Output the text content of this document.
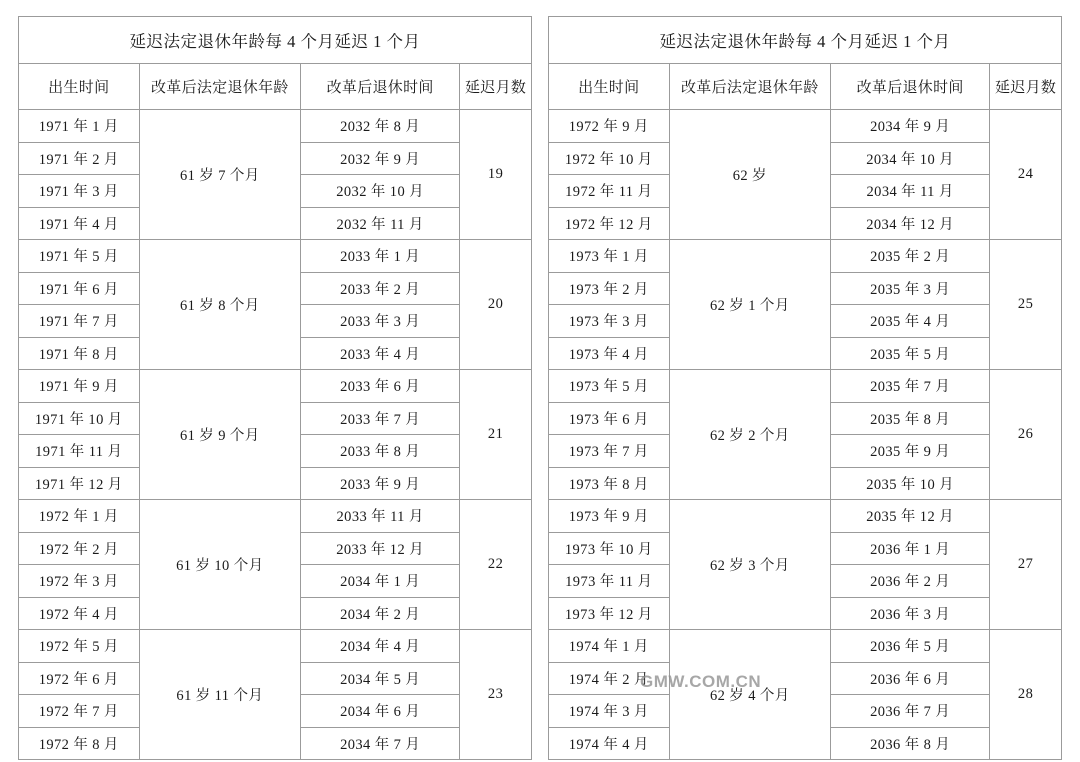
延迟法定退休年龄每 4 个月延迟 1 个月			
出生时间	改革后法定退休年龄	改革后退休时间	延迟月数
1971 年 1 月	61 岁 7 个月	2032 年 8 月	19
1971 年 2 月		2032 年 9 月	
1971 年 3 月		2032 年 10 月	
1971 年 4 月		2032 年 11 月	
1971 年 5 月	61 岁 8 个月	2033 年 1 月	20
1971 年 6 月		2033 年 2 月	
1971 年 7 月		2033 年 3 月	
1971 年 8 月		2033 年 4 月	
1971 年 9 月	61 岁 9 个月	2033 年 6 月	21
1971 年 10 月		2033 年 7 月	
1971 年 11 月		2033 年 8 月	
1971 年 12 月		2033 年 9 月	
1972 年 1 月	61 岁 10 个月	2033 年 11 月	22
1972 年 2 月		2033 年 12 月	
1972 年 3 月		2034 年 1 月	
1972 年 4 月		2034 年 2 月	
1972 年 5 月	61 岁 11 个月	2034 年 4 月	23
1972 年 6 月		2034 年 5 月	
1972 年 7 月		2034 年 6 月	
1972 年 8 月		2034 年 7 月	
延迟法定退休年龄每 4 个月延迟 1 个月			
出生时间	改革后法定退休年龄	改革后退休时间	延迟月数
1972 年 9 月	62 岁	2034 年 9 月	24
1972 年 10 月		2034 年 10 月	
1972 年 11 月		2034 年 11 月	
1972 年 12 月		2034 年 12 月	
1973 年 1 月	62 岁 1 个月	2035 年 2 月	25
1973 年 2 月		2035 年 3 月	
1973 年 3 月		2035 年 4 月	
1973 年 4 月		2035 年 5 月	
1973 年 5 月	62 岁 2 个月	2035 年 7 月	26
1973 年 6 月		2035 年 8 月	
1973 年 7 月		2035 年 9 月	
1973 年 8 月		2035 年 10 月	
1973 年 9 月	62 岁 3 个月	2035 年 12 月	27
1973 年 10 月		2036 年 1 月	
1973 年 11 月		2036 年 2 月	
1973 年 12 月		2036 年 3 月	
1974 年 1 月	62 岁 4 个月	2036 年 5 月	28
1974 年 2 月		2036 年 6 月	
1974 年 3 月		2036 年 7 月	
1974 年 4 月		2036 年 8 月	
GMW.COM.CN
